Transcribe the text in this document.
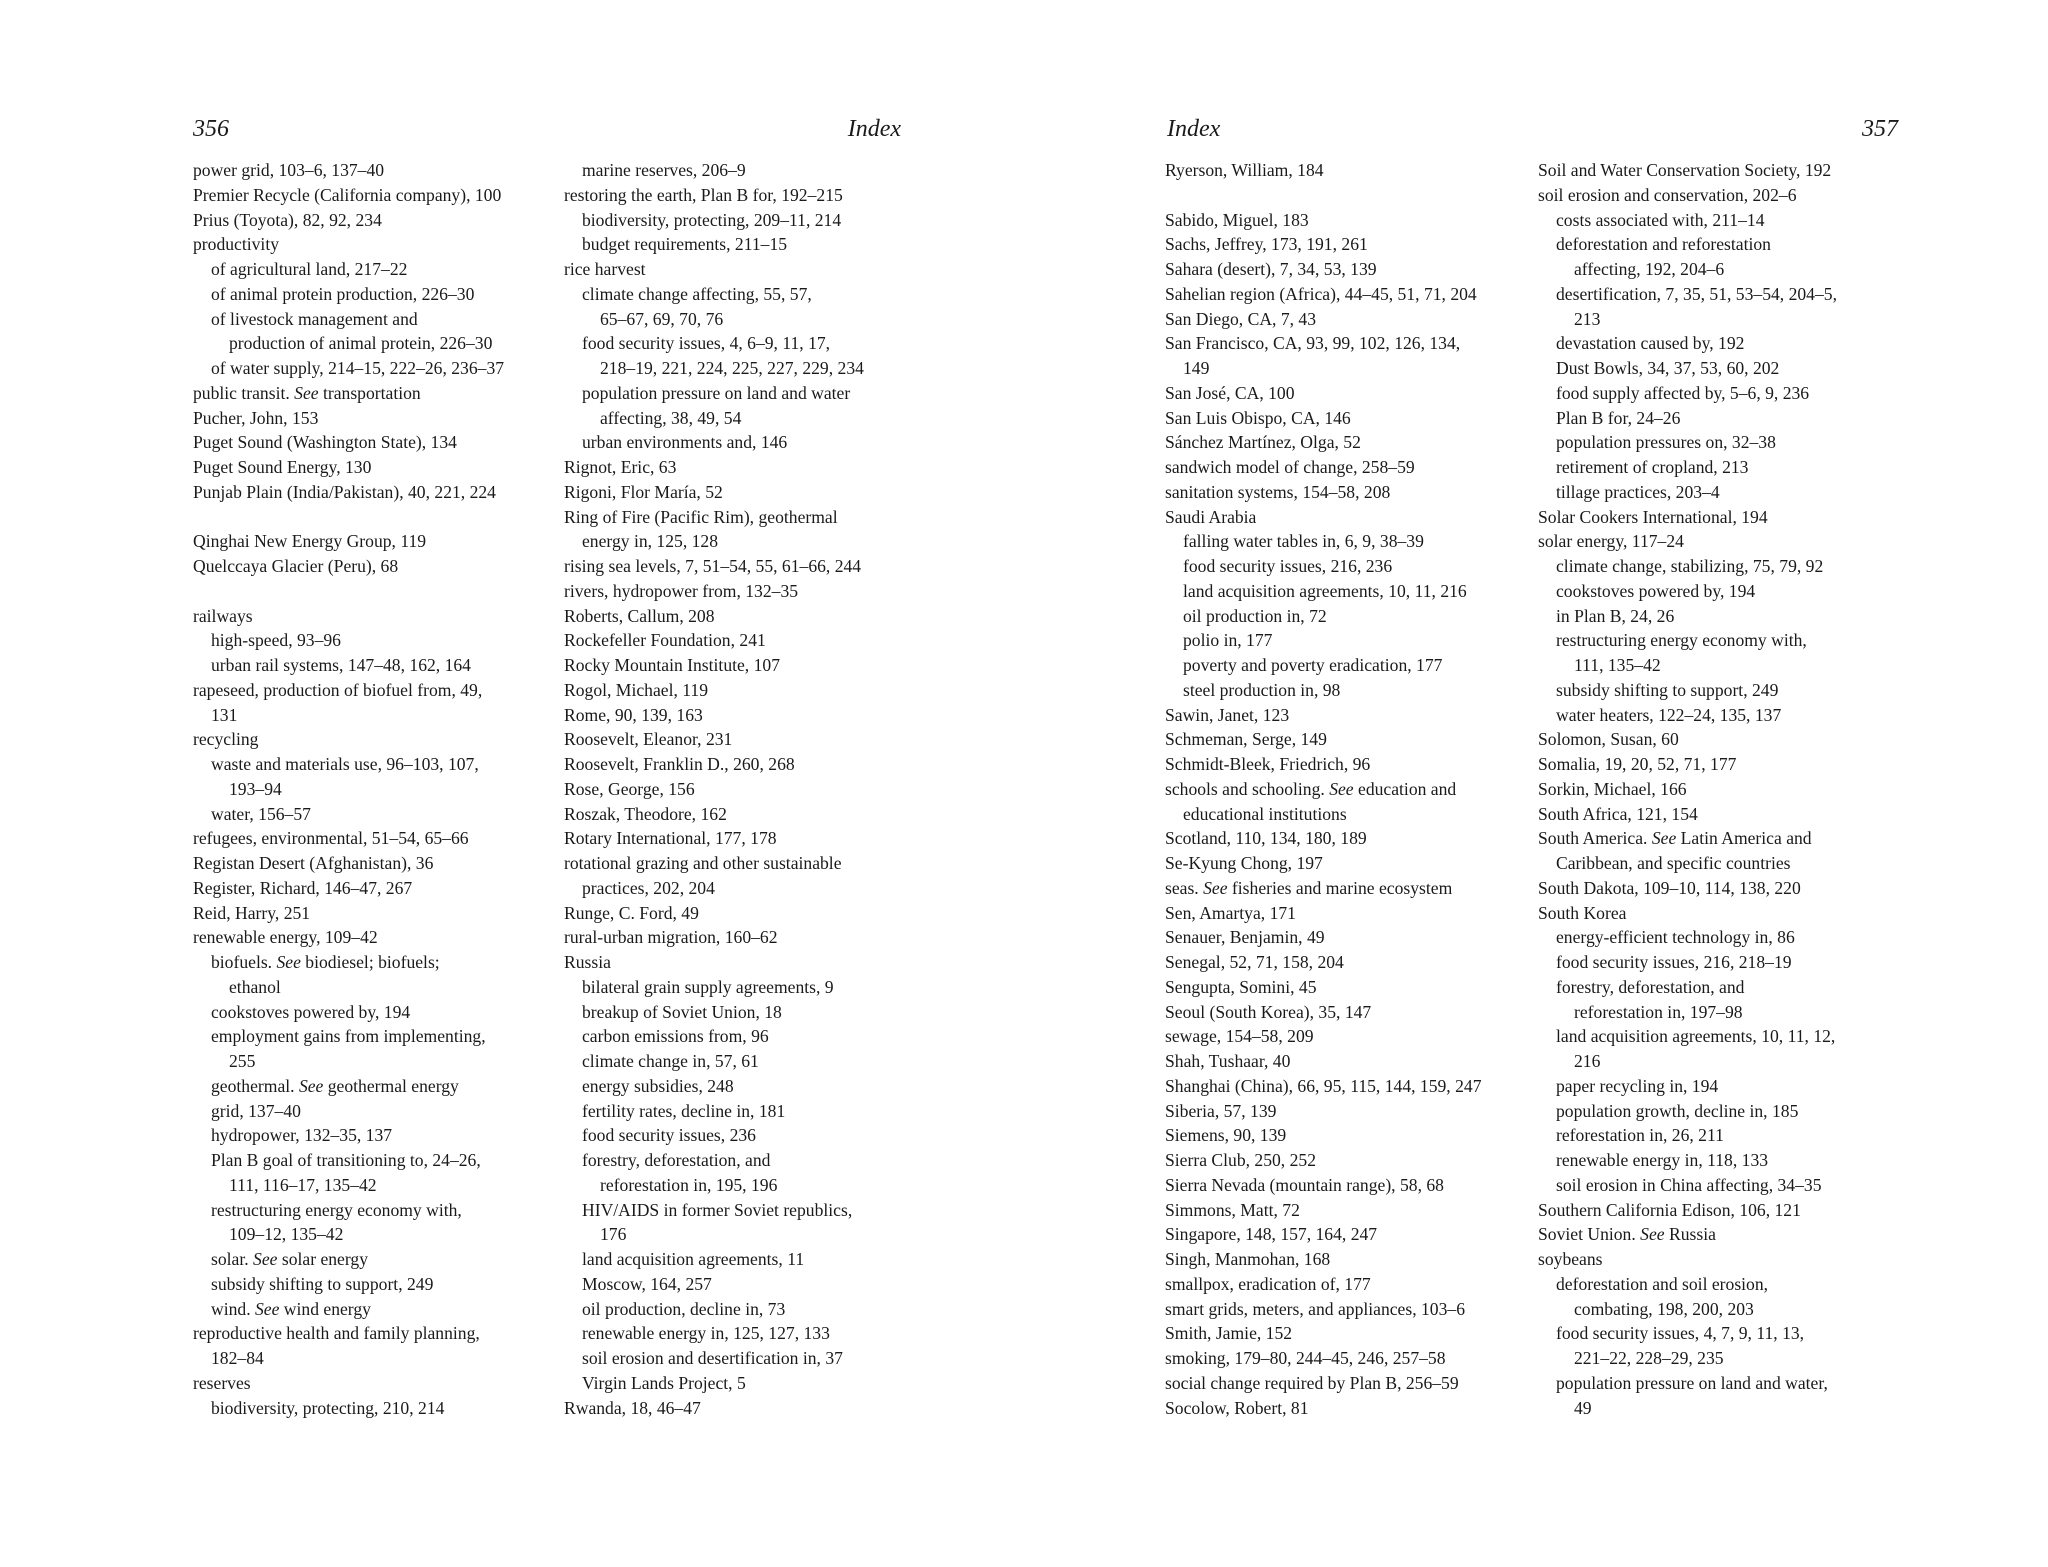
356	Index
power grid, 103–6, 137–40
Premier Recycle (California company), 100
Prius (Toyota), 82, 92, 234
productivity
of agricultural land, 217–22
of animal protein production, 226–30
of livestock management and
production of animal protein, 226–30
of water supply, 214–15, 222–26, 236–37
public transit. See transportation
Pucher, John, 153
Puget Sound (Washington State), 134
Puget Sound Energy, 130
Punjab Plain (India/Pakistan), 40, 221, 224
Qinghai New Energy Group, 119
Quelccaya Glacier (Peru), 68
railways
high-speed, 93–96
urban rail systems, 147–48, 162, 164
rapeseed, production of biofuel from, 49,
131
recycling
waste and materials use, 96–103, 107,
193–94
water, 156–57
refugees, environmental, 51–54, 65–66
Registan Desert (Afghanistan), 36
Register, Richard, 146–47, 267
Reid, Harry, 251
renewable energy, 109–42
biofuels. See biodiesel; biofuels;
ethanol
cookstoves powered by, 194
employment gains from implementing,
255
geothermal. See geothermal energy
grid, 137–40
hydropower, 132–35, 137
Plan B goal of transitioning to, 24–26,
111, 116–17, 135–42
restructuring energy economy with,
109–12, 135–42
solar. See solar energy
subsidy shifting to support, 249
wind. See wind energy
reproductive health and family planning,
182–84
reserves
biodiversity, protecting, 210, 214
marine reserves, 206–9
restoring the earth, Plan B for, 192–215
biodiversity, protecting, 209–11, 214
budget requirements, 211–15
rice harvest
climate change affecting, 55, 57,
65–67, 69, 70, 76
food security issues, 4, 6–9, 11, 17,
218–19, 221, 224, 225, 227, 229, 234
population pressure on land and water
affecting, 38, 49, 54
urban environments and, 146
Rignot, Eric, 63
Rigoni, Flor María, 52
Ring of Fire (Pacific Rim), geothermal
energy in, 125, 128
rising sea levels, 7, 51–54, 55, 61–66, 244
rivers, hydropower from, 132–35
Roberts, Callum, 208
Rockefeller Foundation, 241
Rocky Mountain Institute, 107
Rogol, Michael, 119
Rome, 90, 139, 163
Roosevelt, Eleanor, 231
Roosevelt, Franklin D., 260, 268
Rose, George, 156
Roszak, Theodore, 162
Rotary International, 177, 178
rotational grazing and other sustainable
practices, 202, 204
Runge, C. Ford, 49
rural-urban migration, 160–62
Russia
bilateral grain supply agreements, 9
breakup of Soviet Union, 18
carbon emissions from, 96
climate change in, 57, 61
energy subsidies, 248
fertility rates, decline in, 181
food security issues, 236
forestry, deforestation, and
reforestation in, 195, 196
HIV/AIDS in former Soviet republics,
176
land acquisition agreements, 11
Moscow, 164, 257
oil production, decline in, 73
renewable energy in, 125, 127, 133
soil erosion and desertification in, 37
Virgin Lands Project, 5
Rwanda, 18, 46–47
Index	357
Ryerson, William, 184
Sabido, Miguel, 183
Sachs, Jeffrey, 173, 191, 261
Sahara (desert), 7, 34, 53, 139
Sahelian region (Africa), 44–45, 51, 71, 204
San Diego, CA, 7, 43
San Francisco, CA, 93, 99, 102, 126, 134,
149
San José, CA, 100
San Luis Obispo, CA, 146
Sánchez Martínez, Olga, 52
sandwich model of change, 258–59
sanitation systems, 154–58, 208
Saudi Arabia
falling water tables in, 6, 9, 38–39
food security issues, 216, 236
land acquisition agreements, 10, 11, 216
oil production in, 72
polio in, 177
poverty and poverty eradication, 177
steel production in, 98
Sawin, Janet, 123
Schmeman, Serge, 149
Schmidt-Bleek, Friedrich, 96
schools and schooling. See education and
educational institutions
Scotland, 110, 134, 180, 189
Se-Kyung Chong, 197
seas. See fisheries and marine ecosystem
Sen, Amartya, 171
Senauer, Benjamin, 49
Senegal, 52, 71, 158, 204
Sengupta, Somini, 45
Seoul (South Korea), 35, 147
sewage, 154–58, 209
Shah, Tushaar, 40
Shanghai (China), 66, 95, 115, 144, 159, 247
Siberia, 57, 139
Siemens, 90, 139
Sierra Club, 250, 252
Sierra Nevada (mountain range), 58, 68
Simmons, Matt, 72
Singapore, 148, 157, 164, 247
Singh, Manmohan, 168
smallpox, eradication of, 177
smart grids, meters, and appliances, 103–6
Smith, Jamie, 152
smoking, 179–80, 244–45, 246, 257–58
social change required by Plan B, 256–59
Socolow, Robert, 81
Soil and Water Conservation Society, 192
soil erosion and conservation, 202–6
costs associated with, 211–14
deforestation and reforestation
affecting, 192, 204–6
desertification, 7, 35, 51, 53–54, 204–5,
213
devastation caused by, 192
Dust Bowls, 34, 37, 53, 60, 202
food supply affected by, 5–6, 9, 236
Plan B for, 24–26
population pressures on, 32–38
retirement of cropland, 213
tillage practices, 203–4
Solar Cookers International, 194
solar energy, 117–24
climate change, stabilizing, 75, 79, 92
cookstoves powered by, 194
in Plan B, 24, 26
restructuring energy economy with,
111, 135–42
subsidy shifting to support, 249
water heaters, 122–24, 135, 137
Solomon, Susan, 60
Somalia, 19, 20, 52, 71, 177
Sorkin, Michael, 166
South Africa, 121, 154
South America. See Latin America and
Caribbean, and specific countries
South Dakota, 109–10, 114, 138, 220
South Korea
energy-efficient technology in, 86
food security issues, 216, 218–19
forestry, deforestation, and
reforestation in, 197–98
land acquisition agreements, 10, 11, 12,
216
paper recycling in, 194
population growth, decline in, 185
reforestation in, 26, 211
renewable energy in, 118, 133
soil erosion in China affecting, 34–35
Southern California Edison, 106, 121
Soviet Union. See Russia
soybeans
deforestation and soil erosion,
combating, 198, 200, 203
food security issues, 4, 7, 9, 11, 13,
221–22, 228–29, 235
population pressure on land and water,
49
